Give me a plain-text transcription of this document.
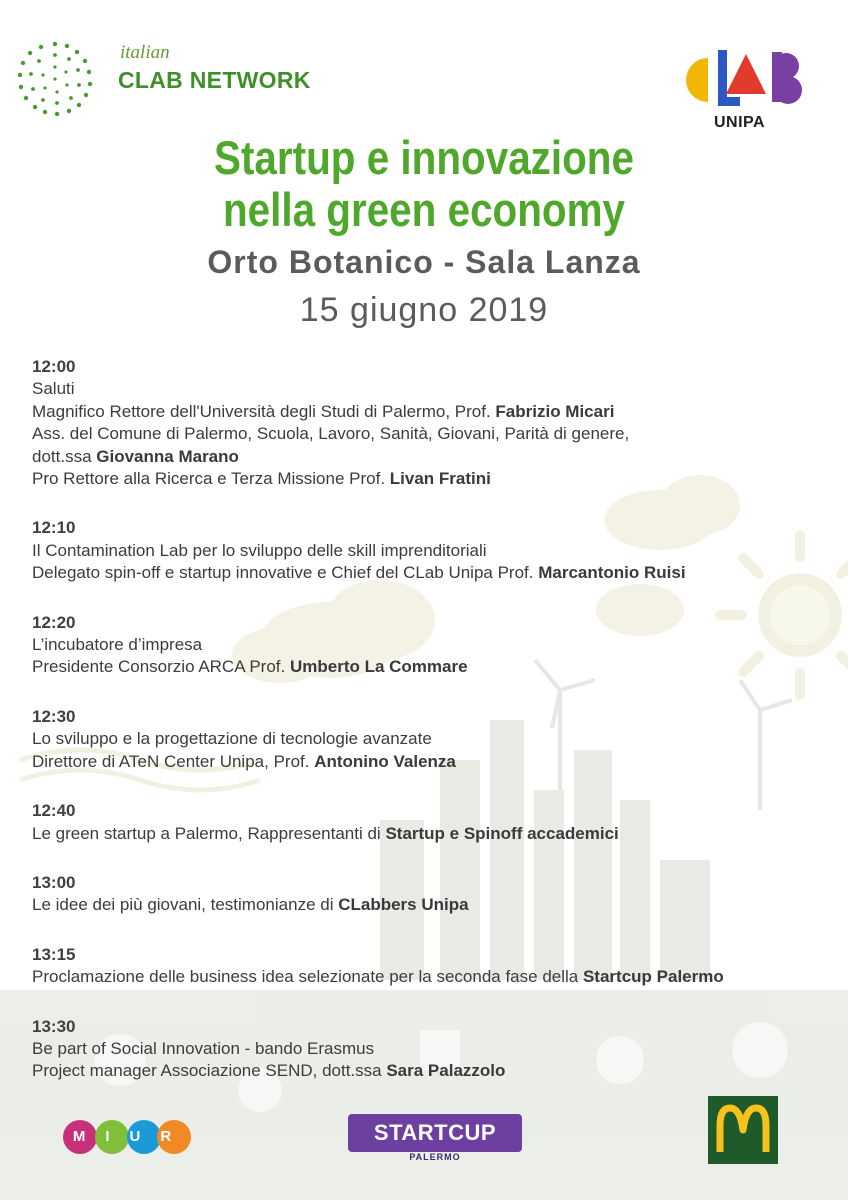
italian
CLAB NETWORK
UNIPA
Startup e innovazione
nella green economy
Orto Botanico - Sala Lanza
15 giugno 2019
12:00
Saluti
Magnifico Rettore dell'Università degli Studi di Palermo, Prof. Fabrizio Micari
Ass. del Comune di Palermo, Scuola, Lavoro, Sanità, Giovani, Parità di genere,
dott.ssa Giovanna Marano
Pro Rettore alla Ricerca e Terza Missione Prof. Livan Fratini
12:10
Il Contamination Lab per lo sviluppo delle skill imprenditoriali
Delegato spin-off e startup innovative e Chief del CLab Unipa Prof. Marcantonio Ruisi
12:20
L’incubatore d’impresa
Presidente Consorzio ARCA Prof. Umberto La Commare
12:30
Lo sviluppo e la progettazione di tecnologie avanzate
Direttore di ATeN Center Unipa, Prof. Antonino Valenza
12:40
Le green startup a Palermo, Rappresentanti di Startup e Spinoff accademici
13:00
Le idee dei più giovani, testimonianze di CLabbers Unipa
13:15
Proclamazione delle business idea selezionate per la seconda fase della Startcup Palermo
13:30
Be part of Social Innovation - bando Erasmus
Project manager Associazione SEND, dott.ssa Sara Palazzolo
MIUR	STARTCUP
PALERMO
